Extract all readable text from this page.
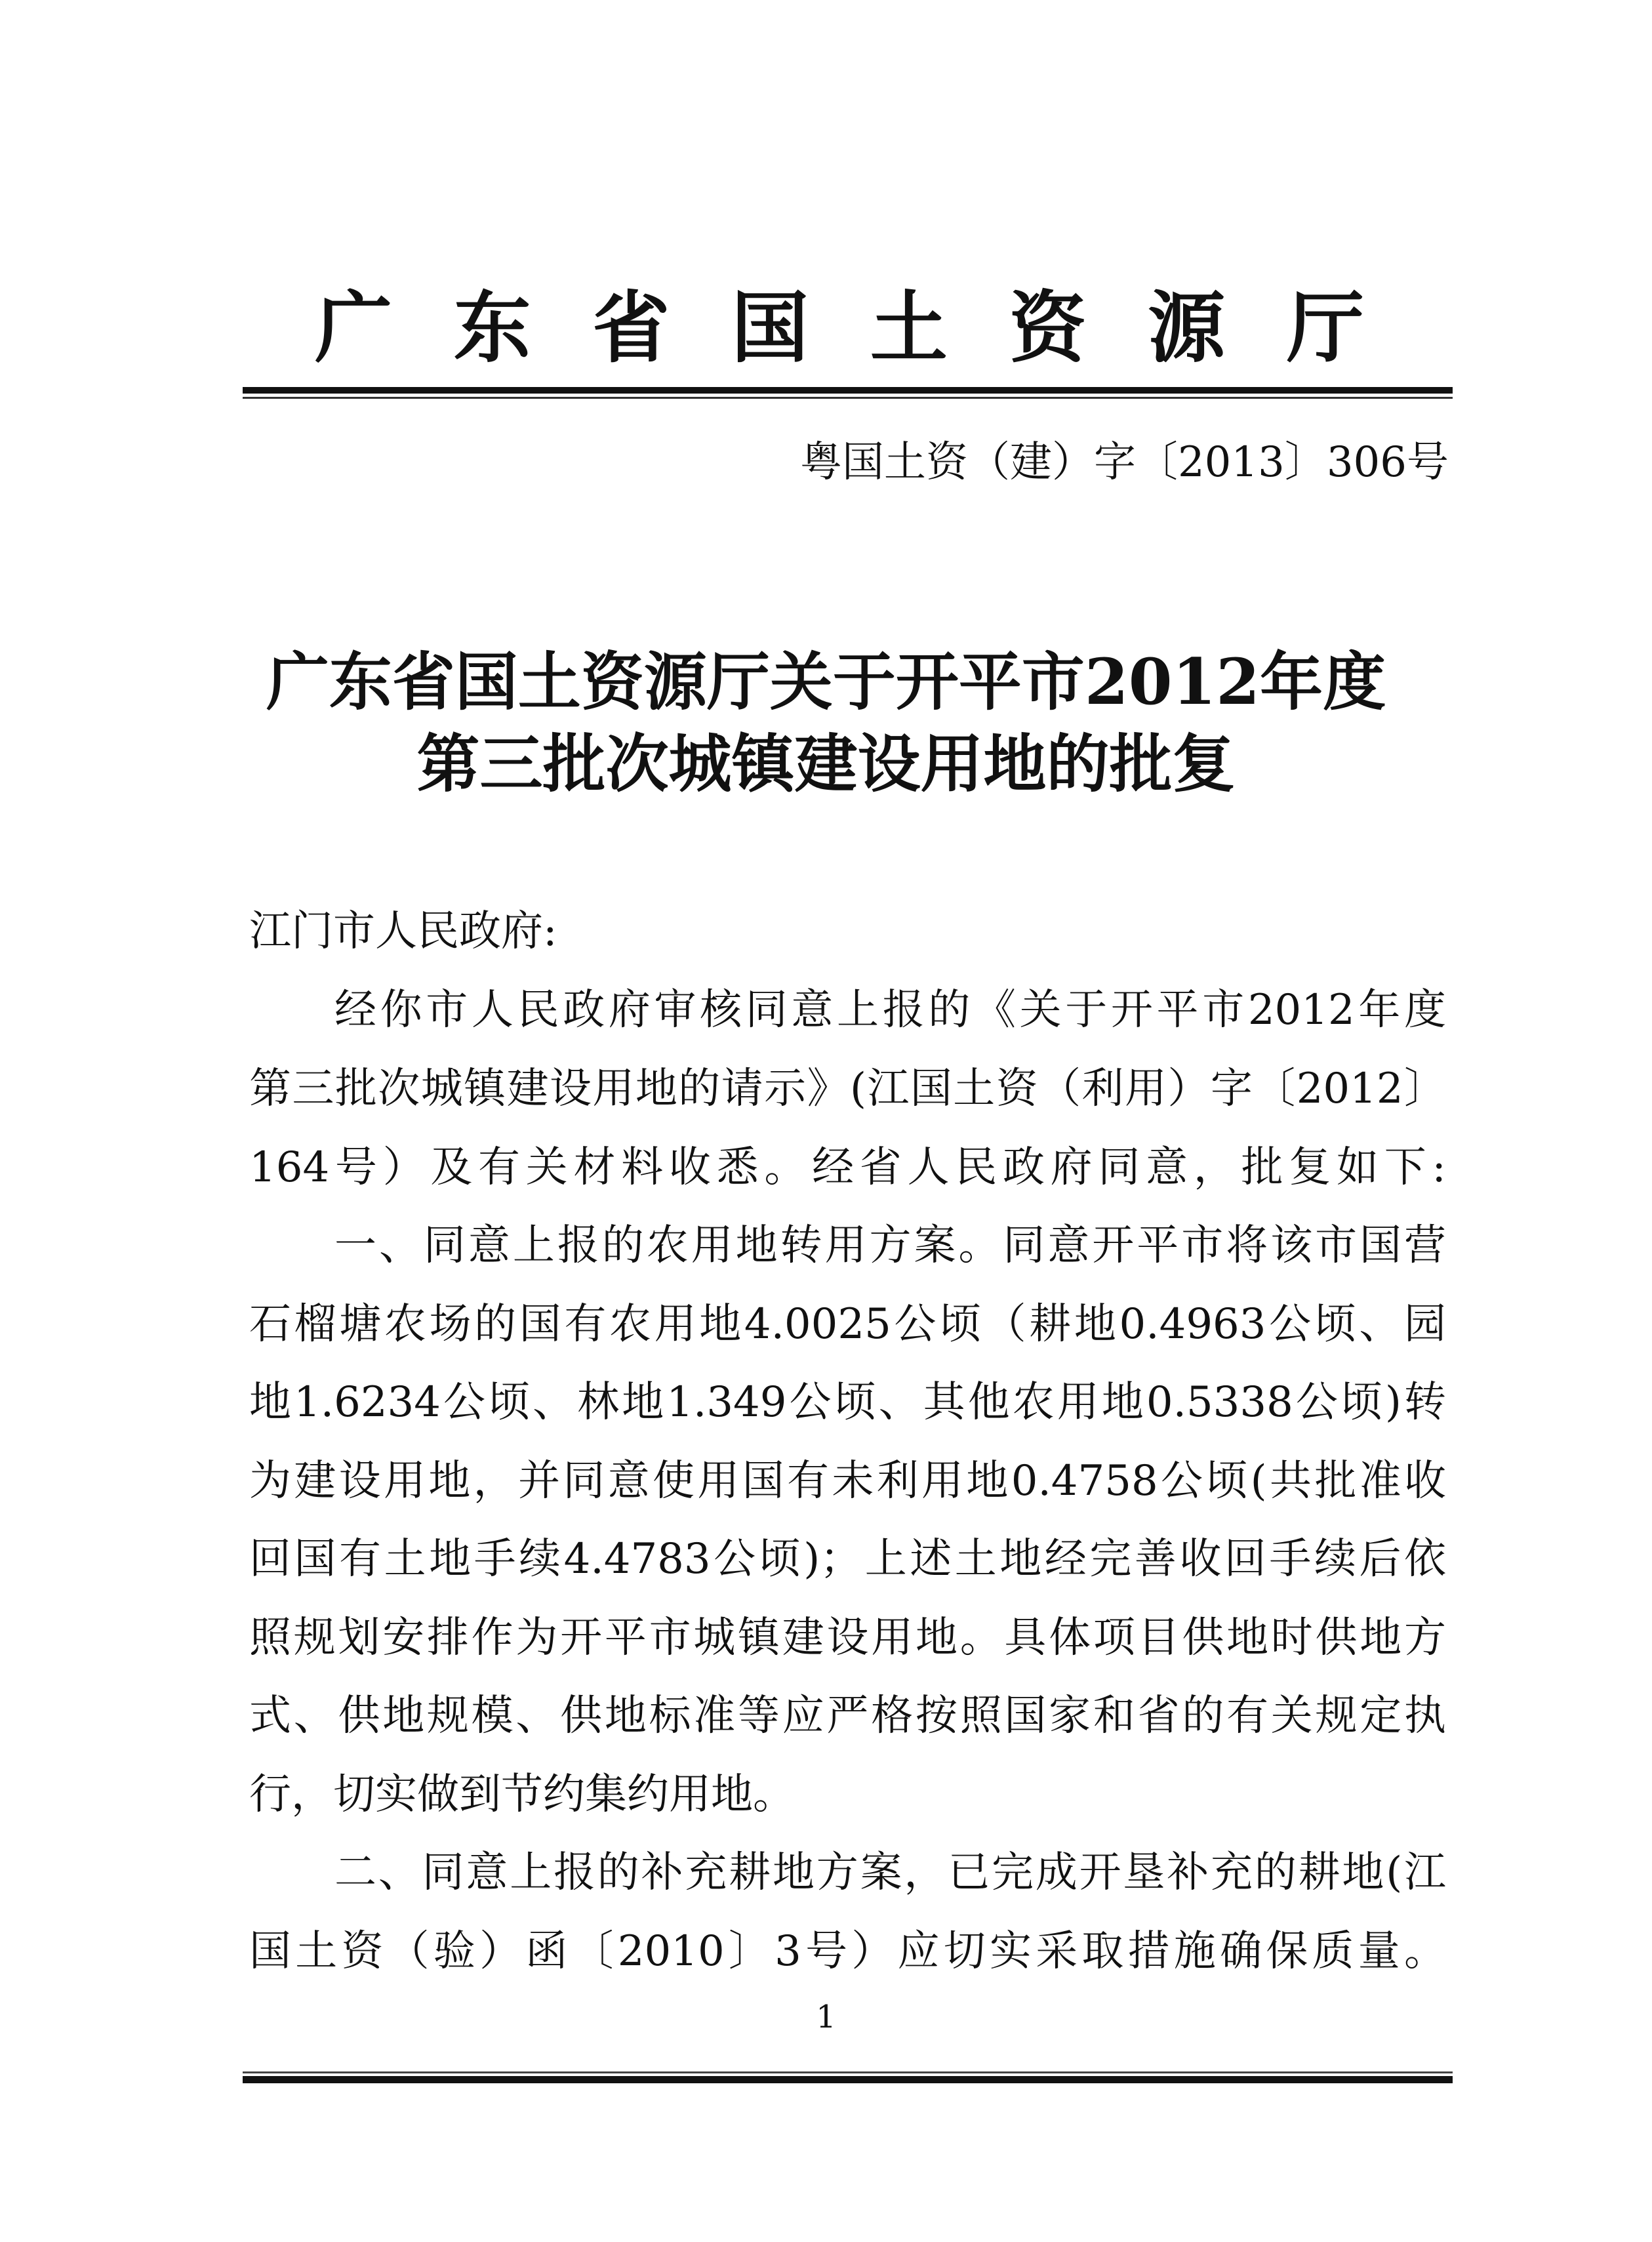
广 东 省 国 土 资 源 厅
粤国土资（建）字〔2013〕306号
广东省国土资源厅关于开平市2012年度
第三批次城镇建设用地的批复
江门市人民政府:
经你市人民政府审核同意上报的《关于开平市2012年度
第三批次城镇建设用地的请示》(江国土资（利用）字〔2012〕
164号）及有关材料收悉。经省人民政府同意，批复如下:
一、同意上报的农用地转用方案。同意开平市将该市国营
石榴塘农场的国有农用地4.0025公顷（耕地0.4963公顷、园
地1.6234公顷、林地1.349公顷、其他农用地0.5338公顷)转
为建设用地，并同意使用国有未利用地0.4758公顷(共批准收
回国有土地手续4.4783公顷)；上述土地经完善收回手续后依
照规划安排作为开平市城镇建设用地。具体项目供地时供地方
式、供地规模、供地标准等应严格按照国家和省的有关规定执
行，切实做到节约集约用地。
二、同意上报的补充耕地方案，已完成开垦补充的耕地(江
国土资（验）函〔2010〕3号）应切实采取措施确保质量。
1
